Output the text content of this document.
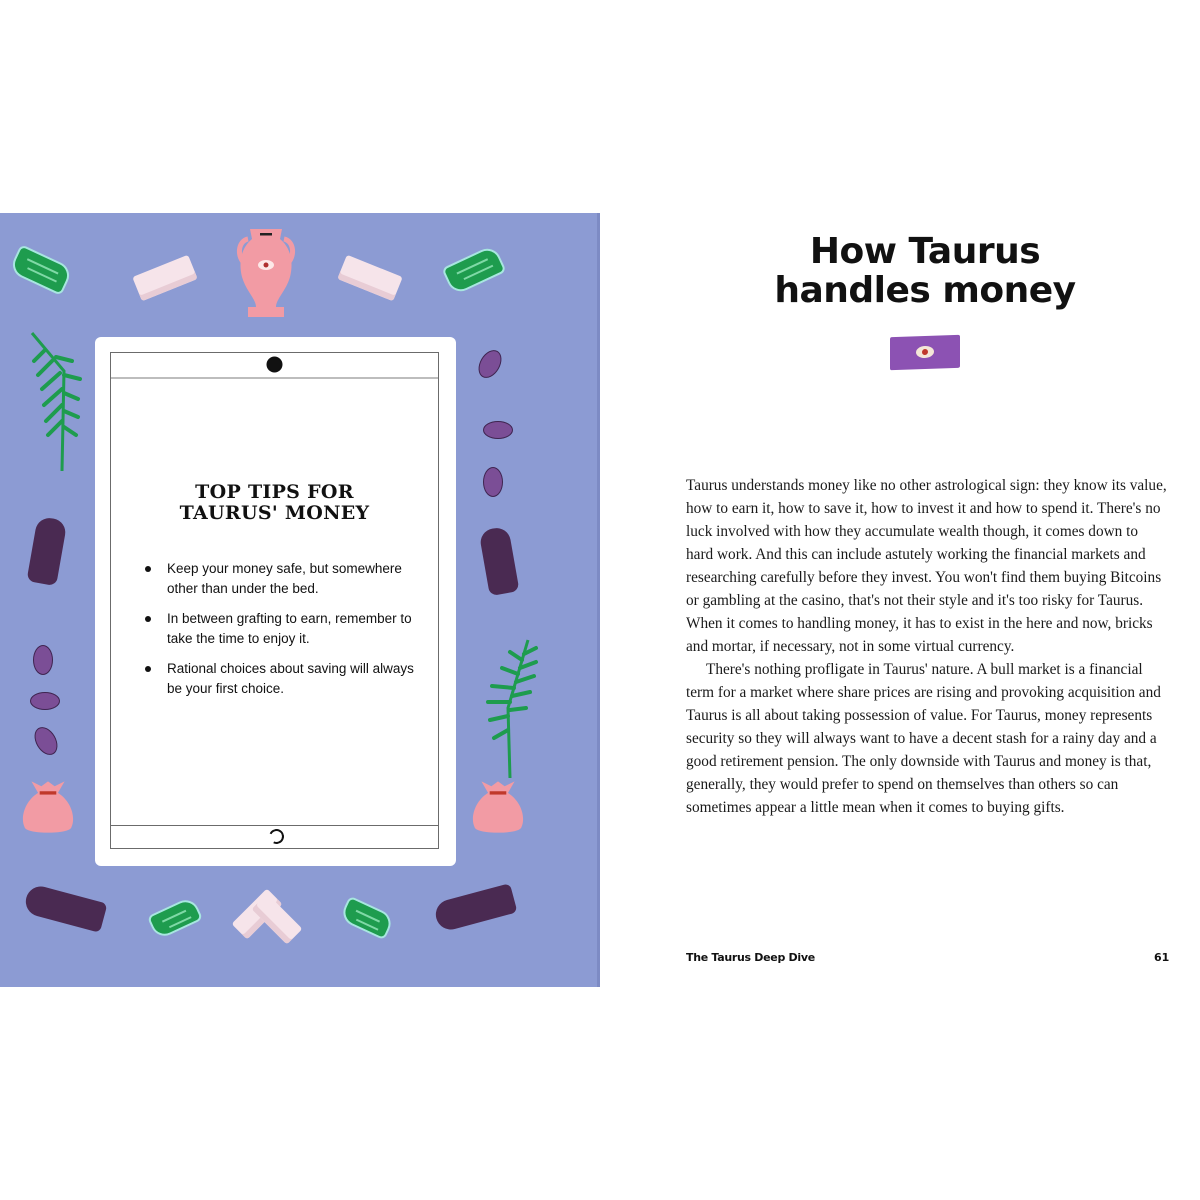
TOP TIPS FOR
TAURUS' MONEY
Keep your money safe, but somewhere other than under the bed.
In between grafting to earn, remember to take the time to enjoy it.
Rational choices about saving will always be your first choice.
How Taurus
handles money

Taurus understands money like no other astrological sign: they know its value, how to earn it, how to save it, how to invest it and how to spend it. There's no luck involved with how they accumulate wealth though, it comes down to hard work. And this can include astutely working the financial markets and researching carefully before they invest. You won't find them buying Bitcoins or gambling at the casino, that's not their style and it's too risky for Taurus. When it comes to handling money, it has to exist in the here and now, bricks and mortar, if necessary, not in some virtual currency.

There's nothing profligate in Taurus' nature. A bull market is a financial term for a market where share prices are rising and provoking acquisition and Taurus is all about taking possession of value. For Taurus, money represents security so they will always want to have a decent stash for a rainy day and a good retirement pension. The only downside with Taurus and money is that, generally, they would prefer to spend on themselves than others so can sometimes appear a little mean when it comes to buying gifts.

The Taurus Deep Dive	61
